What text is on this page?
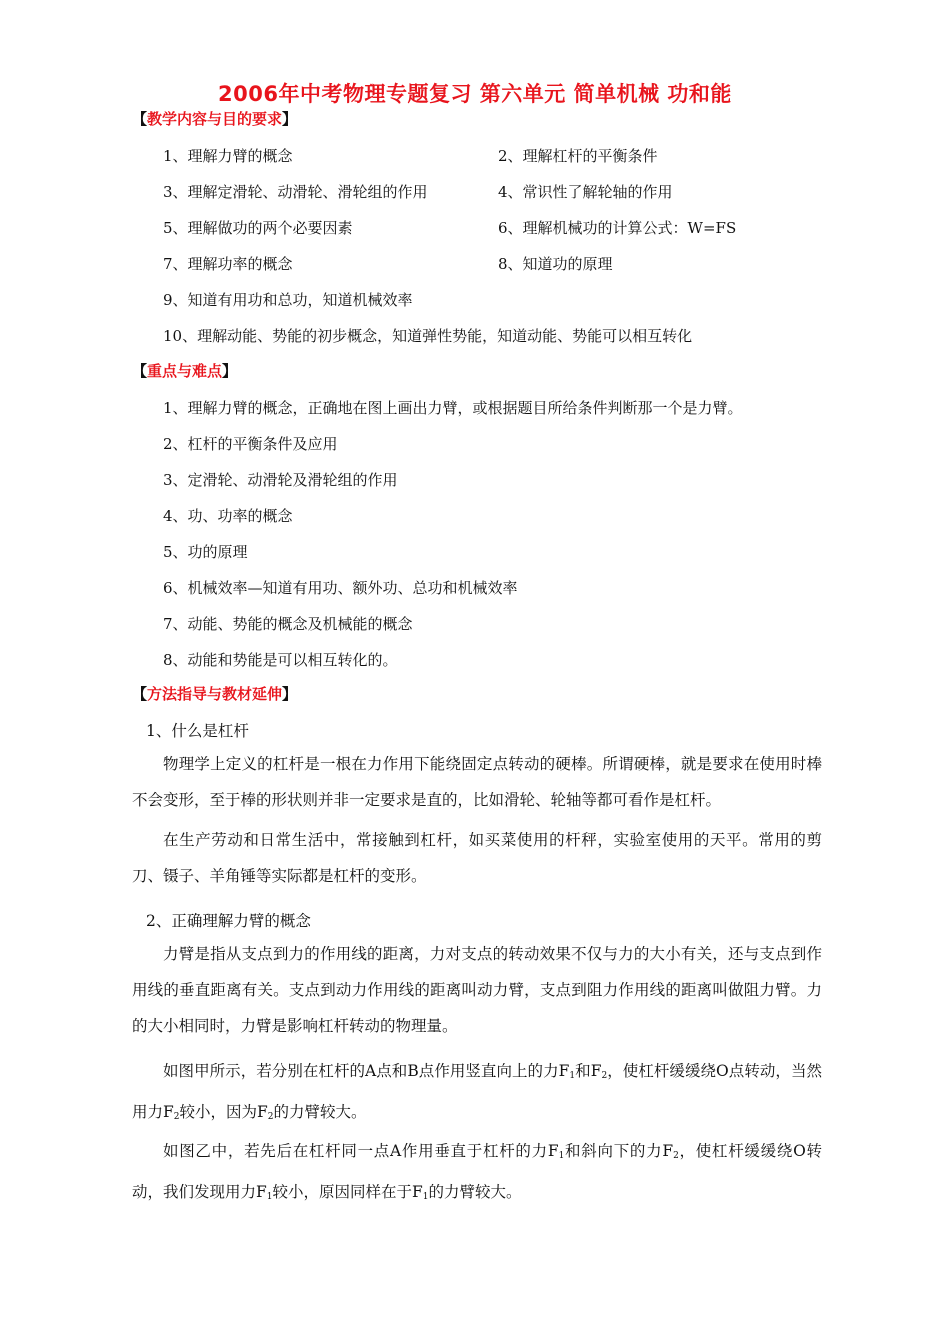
2006年中考物理专题复习 第六单元 简单机械 功和能
【教学内容与目的要求】
1、理解力臂的概念	2、理解杠杆的平衡条件
3、理解定滑轮、动滑轮、滑轮组的作用	4、常识性了解轮轴的作用
5、理解做功的两个必要因素	6、理解机械功的计算公式：W=FS
7、理解功率的概念	8、知道功的原理
9、知道有用功和总功，知道机械效率
10、理解动能、势能的初步概念，知道弹性势能，知道动能、势能可以相互转化
【重点与难点】
1、理解力臂的概念，正确地在图上画出力臂，或根据题目所给条件判断那一个是力臂。
2、杠杆的平衡条件及应用
3、定滑轮、动滑轮及滑轮组的作用
4、功、功率的概念
5、功的原理
6、机械效率—知道有用功、额外功、总功和机械效率
7、动能、势能的概念及机械能的概念
8、动能和势能是可以相互转化的。
【方法指导与教材延伸】
1、什么是杠杆
物理学上定义的杠杆是一根在力作用下能绕固定点转动的硬棒。所谓硬棒，就是要求在使用时棒不会变形，至于棒的形状则并非一定要求是直的，比如滑轮、轮轴等都可看作是杠杆。
在生产劳动和日常生活中，常接触到杠杆，如买菜使用的杆秤，实验室使用的天平。常用的剪刀、镊子、羊角锤等实际都是杠杆的变形。
2、正确理解力臂的概念
力臂是指从支点到力的作用线的距离，力对支点的转动效果不仅与力的大小有关，还与支点到作用线的垂直距离有关。支点到动力作用线的距离叫动力臂，支点到阻力作用线的距离叫做阻力臂。力的大小相同时，力臂是影响杠杆转动的物理量。
如图甲所示，若分别在杠杆的A点和B点作用竖直向上的力$F_1$和$F_2$，使杠杆缓缓绕O点转动，当然用力$F_2$较小，因为$F_2$的力臂较大。
如图乙中，若先后在杠杆同一点A作用垂直于杠杆的力$F_1$和斜向下的力$F_2$，使杠杆缓缓绕O转动，我们发现用力$F_1$较小，原因同样在于$F_1$的力臂较大。
